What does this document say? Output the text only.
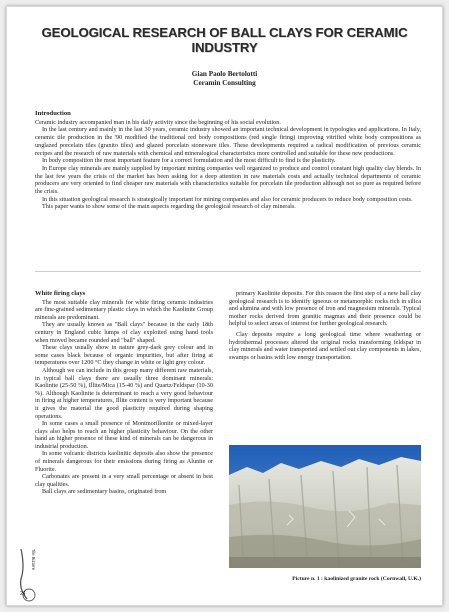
GEOLOGICAL RESEARCH OF BALL CLAYS FOR CERAMIC INDUSTRY
Gian Paolo Bertolotti
Ceramin Consulting
Introduction

Ceramic industry accompanied man in his daily activity since the beginning of his social evolution.

In the last century and mainly in the last 30 years, ceramic industry showed an important technical development in typologies and applications. In Italy, ceramic tile production in the '90 modified the traditional red body compositions (red single firing) improving vitrified white body compositions as unglazed porcelain tiles (granito tiles) and glazed porcelain stoneware tiles. These developments required a radical modification of previous ceramic recipes and the research of raw materials with chemical and mineralogical characteristics more controlled and suitable for these new productions.

In body composition the most important feature for a correct formulation and the most difficult to find is the plasticity.

In Europe clay minerals are mainly supplied by important mining companies well organized to produce and control constant high quality clay blends. In the last few years the crisis of the market has been asking for a deep attention in raw materials costs and actually technical departments of ceramic producers are very oriented to find cheaper raw materials with characteristics suitable for porcelain tile production although not so pure as required before the crisis.

In this situation geological research is strategically important for mining companies and also for ceramic producers to reduce body composition costs.

This paper wants to show some of the main aspects regarding the geological research of clay minerals.

White firing clays

The most suitable clay minerals for white firing ceramic industries are fine-grained sedimentary plastic clays in which the Kaolinite Group minerals are predominant.

They are usually known as "Ball clays" because in the early 18th century in England cubic lumps of clay exploited using hand tools when moved became rounded and "ball" shaped.

These clays usually show in nature grey-dark grey colour and in some cases black because of organic impurities, but after firing at temperatures over 1200 °C they change in white or light grey colour.

Although we can include in this group many different raw materials, in typical ball clays there are usually three dominant minerals: Kaolinite (25-50 %), Illite/Mica (15-40 %) and Quartz/Feldspar (10-30 %). Although Kaolinite is determinant to reach a very good behaviour in firing at higher temperatures, Illite content is very important because it gives the material the good plasticity required during shaping operations.

In some cases a small presence of Montmorillonite or mixed-layer clays also helps to reach an higher plasticity behaviour. On the other hand an higher presence of these kind of minerals can be dangerous in industrial production.

In some volcanic districts kaolinitic deposits also show the presence of minerals dangerous for their emissions during firing as Alunite or Fluorite.

Carbonates are present in a very small percentage or absent in best clay qualities.

Ball clays are sedimentary basins, originated from

primary Kaolinite deposits. For this reason the first step of a new ball clay geological research is to identify igneous or metamorphic rocks rich in silica and alumina and with low presence of iron and magnesium minerals. Typical mother rocks derived from granitic magmas and their presence could be helpful to select areas of interest for further geological research.

Clay deposits require a long geological time where weathering or hydrothermal processes altered the original rocks transforming feldspar in clay minerals and water transported and settled out clay components in lakes, swamps or basins with low energy transportation.

Picture n. 1 : kaolinized granite rock (Cornwall, U.K.)
Tile Bizarre
24
